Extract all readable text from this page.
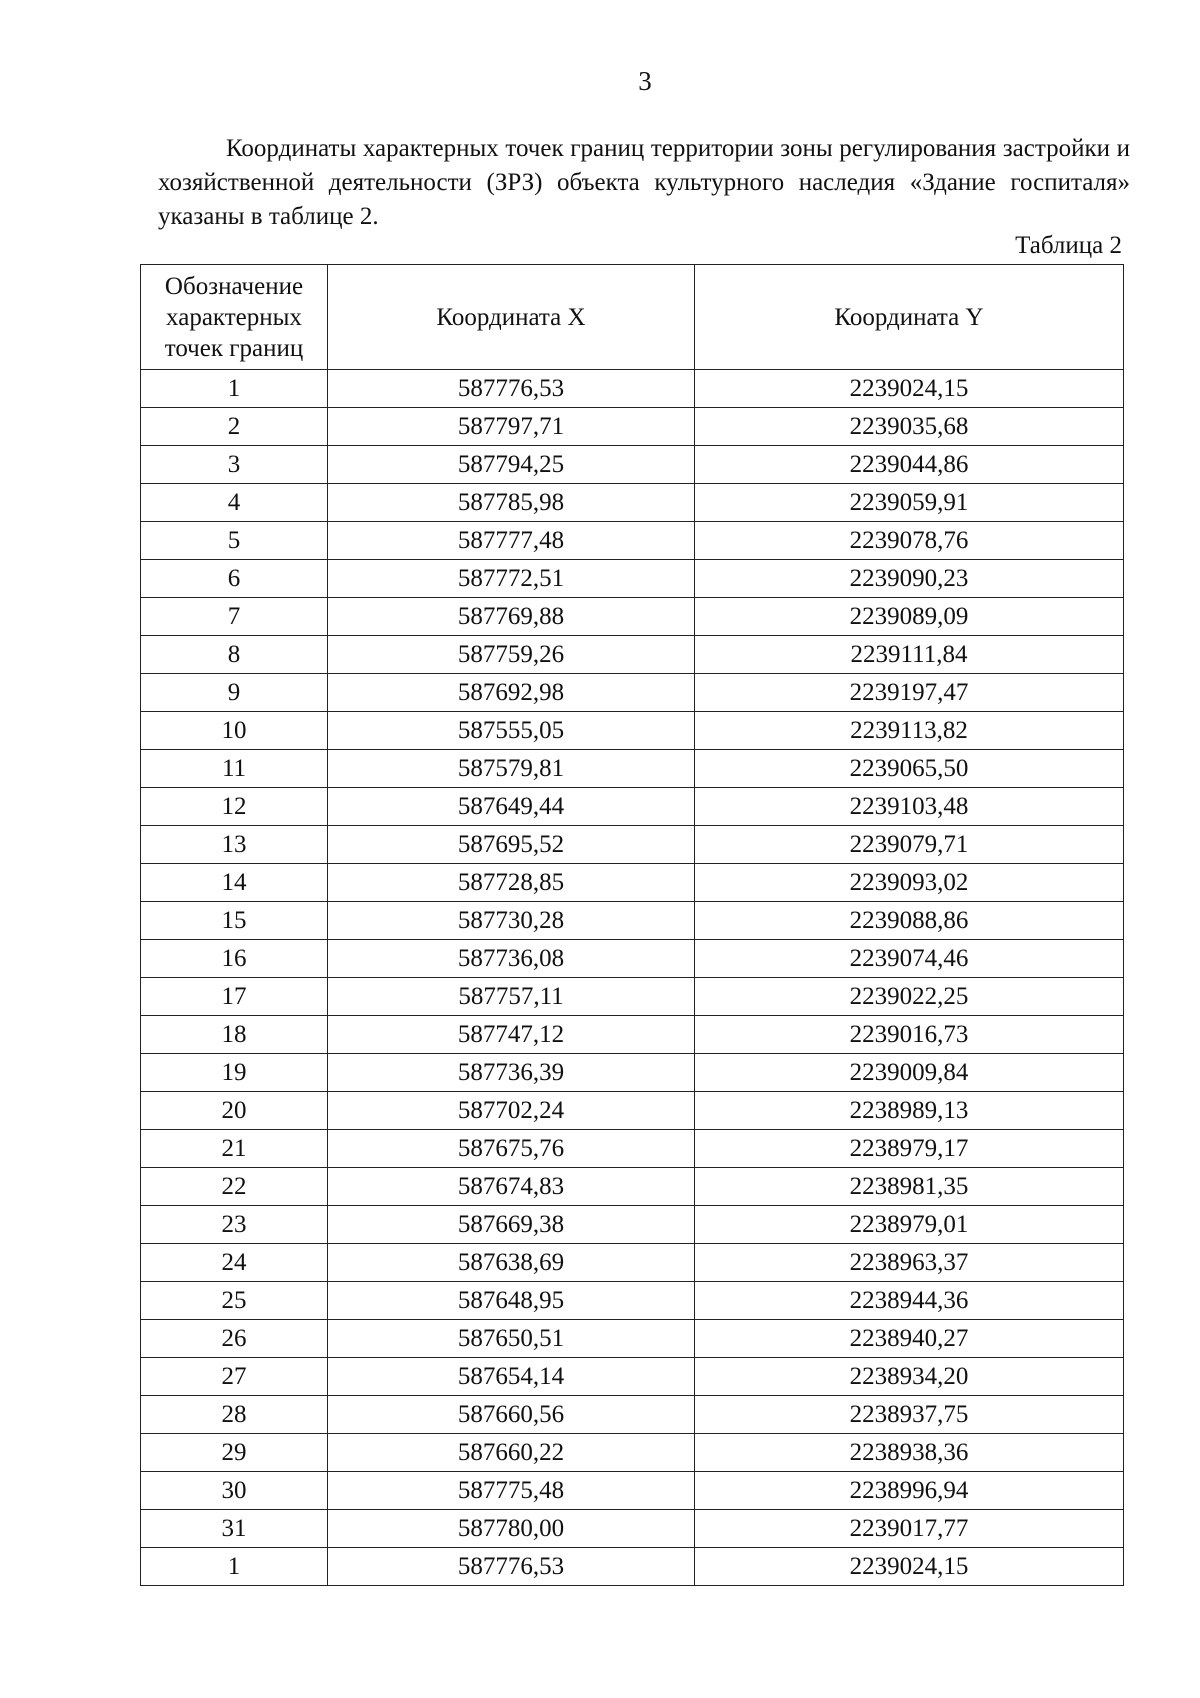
3

Координаты характерных точек границ территории зоны регулирования застройки и хозяйственной деятельности (ЗРЗ) объекта культурного наследия «Здание госпиталя» указаны в таблице 2.

Таблица 2
Обозначение характерных точек границ	Координата X	Координата Y
1	587776,53	2239024,15
2	587797,71	2239035,68
3	587794,25	2239044,86
4	587785,98	2239059,91
5	587777,48	2239078,76
6	587772,51	2239090,23
7	587769,88	2239089,09
8	587759,26	2239111,84
9	587692,98	2239197,47
10	587555,05	2239113,82
11	587579,81	2239065,50
12	587649,44	2239103,48
13	587695,52	2239079,71
14	587728,85	2239093,02
15	587730,28	2239088,86
16	587736,08	2239074,46
17	587757,11	2239022,25
18	587747,12	2239016,73
19	587736,39	2239009,84
20	587702,24	2238989,13
21	587675,76	2238979,17
22	587674,83	2238981,35
23	587669,38	2238979,01
24	587638,69	2238963,37
25	587648,95	2238944,36
26	587650,51	2238940,27
27	587654,14	2238934,20
28	587660,56	2238937,75
29	587660,22	2238938,36
30	587775,48	2238996,94
31	587780,00	2239017,77
1	587776,53	2239024,15
